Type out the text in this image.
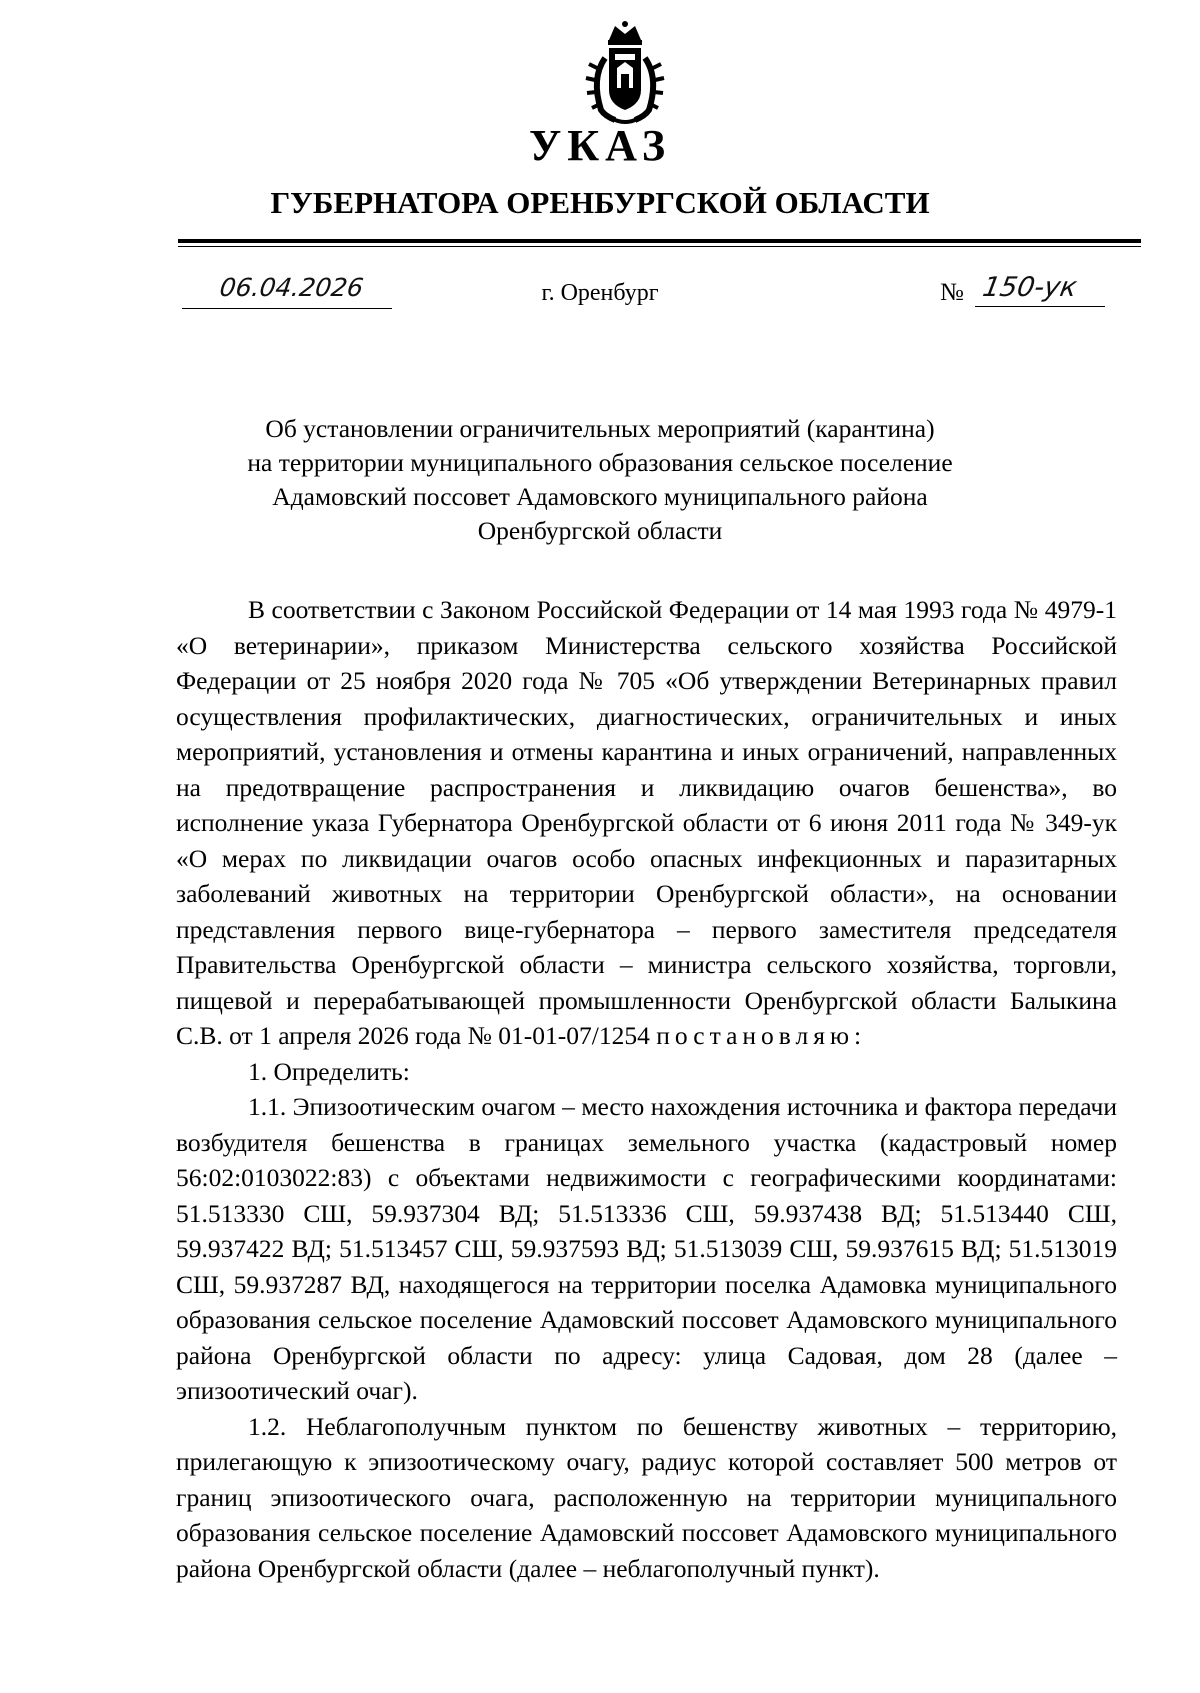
УКАЗ
ГУБЕРНАТОРА ОРЕНБУРГСКОЙ ОБЛАСТИ
06.04.2026	г. Оренбург	№ 150-ук
Об установлении ограничительных мероприятий (карантина)
на территории муниципального образования сельское поселение
Адамовский поссовет Адамовского муниципального района
Оренбургской области

В соответствии с Законом Российской Федерации от 14 мая 1993 года № 4979-1 «О ветеринарии», приказом Министерства сельского хозяйства Российской Федерации от 25 ноября 2020 года № 705 «Об утверждении Ветеринарных правил осуществления профилактических, диагностических, ограничительных и иных мероприятий, установления и отмены карантина и иных ограничений, направленных на предотвращение распространения и ликвидацию очагов бешенства», во исполнение указа Губернатора Оренбургской области от 6 июня 2011 года № 349-ук «О мерах по ликвидации очагов особо опасных инфекционных и паразитарных заболеваний животных на территории Оренбургской области», на основании представления первого вице-губернатора – первого заместителя председателя Правительства Оренбургской области – министра сельского хозяйства, торговли, пищевой и перерабатывающей промышленности Оренбургской области Балыкина С.В. от 1 апреля 2026 года № 01-01-07/1254 постановляю:

1. Определить:

1.1. Эпизоотическим очагом – место нахождения источника и фактора передачи возбудителя бешенства в границах земельного участка (кадастровый номер 56:02:0103022:83) с объектами недвижимости с географическими координатами: 51.513330 СШ, 59.937304 ВД; 51.513336 СШ, 59.937438 ВД; 51.513440 СШ, 59.937422 ВД; 51.513457 СШ, 59.937593 ВД; 51.513039 СШ, 59.937615 ВД; 51.513019 СШ, 59.937287 ВД, находящегося на территории поселка Адамовка муниципального образования сельское поселение Адамовский поссовет Адамовского муниципального района Оренбургской области по адресу: улица Садовая, дом 28 (далее – эпизоотический очаг).

1.2. Неблагополучным пунктом по бешенству животных – территорию, прилегающую к эпизоотическому очагу, радиус которой составляет 500 метров от границ эпизоотического очага, расположенную на территории муниципального образования сельское поселение Адамовский поссовет Адамовского муниципального района Оренбургской области (далее – неблагополучный пункт).
